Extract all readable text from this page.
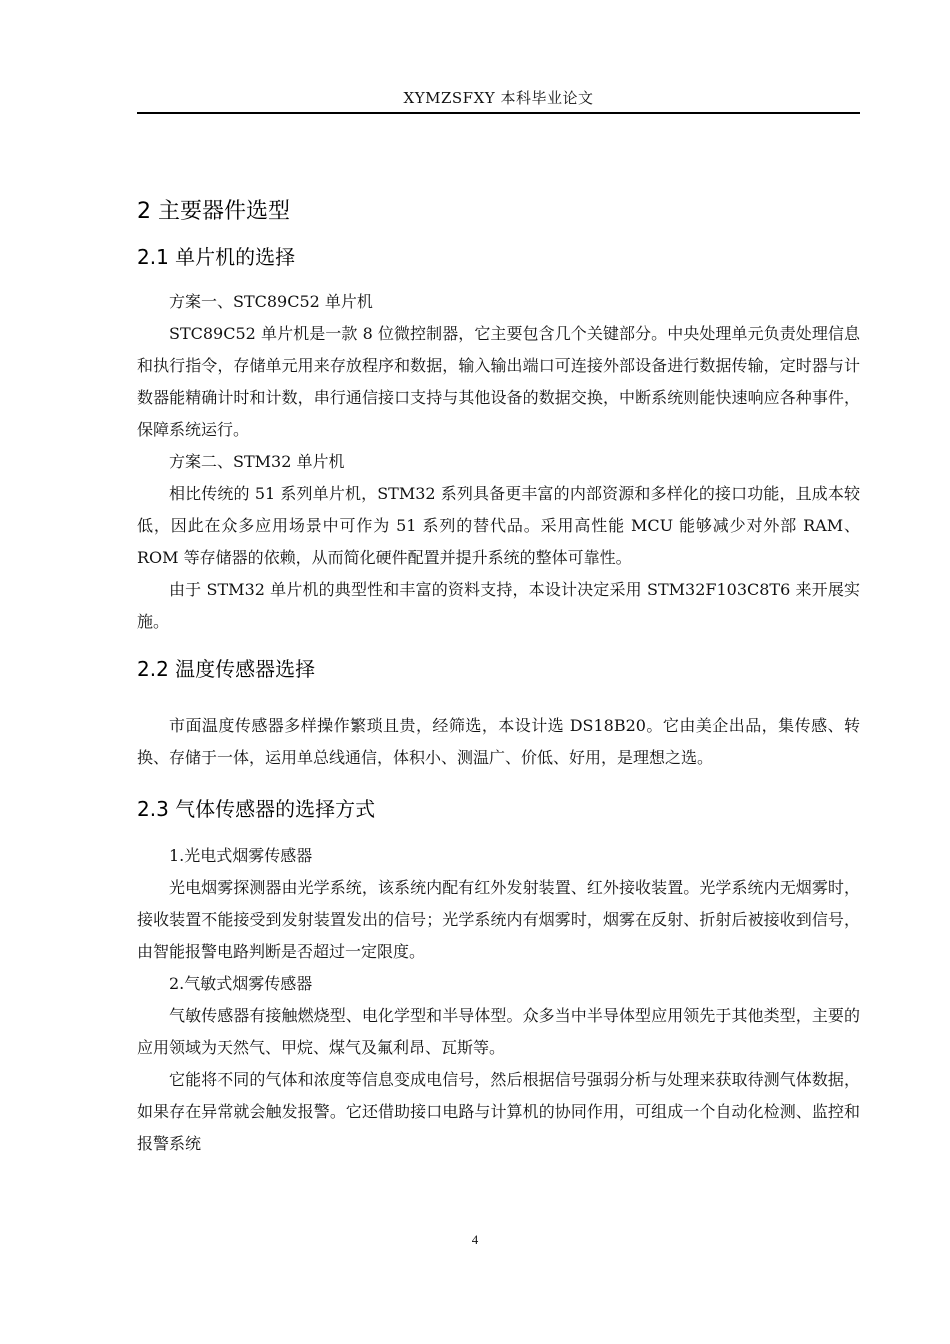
XYMZSFXY 本科毕业论文
2 主要器件选型
2.1 单片机的选择

方案一、STC89C52 单片机

STC89C52 单片机是一款 8 位微控制器，它主要包含几个关键部分。中央处理单元负责处理信息和执行指令，存储单元用来存放程序和数据，输入输出端口可连接外部设备进行数据传输，定时器与计数器能精确计时和计数，串行通信接口支持与其他设备的数据交换，中断系统则能快速响应各种事件，保障系统运行。

方案二、STM32 单片机

相比传统的 51 系列单片机，STM32 系列具备更丰富的内部资源和多样化的接口功能，且成本较低，因此在众多应用场景中可作为 51 系列的替代品。采用高性能 MCU 能够减少对外部 RAM、ROM 等存储器的依赖，从而简化硬件配置并提升系统的整体可靠性。

由于 STM32 单片机的典型性和丰富的资料支持，本设计决定采用 STM32F103C8T6 来开展实施。

2.2 温度传感器选择

市面温度传感器多样操作繁琐且贵，经筛选，本设计选 DS18B20。它由美企出品，集传感、转换、存储于一体，运用单总线通信，体积小、测温广、价低、好用，是理想之选。

2.3 气体传感器的选择方式

1.光电式烟雾传感器

光电烟雾探测器由光学系统，该系统内配有红外发射装置、红外接收装置。光学系统内无烟雾时，接收装置不能接受到发射装置发出的信号；光学系统内有烟雾时，烟雾在反射、折射后被接收到信号，由智能报警电路判断是否超过一定限度。

2.气敏式烟雾传感器

气敏传感器有接触燃烧型、电化学型和半导体型。众多当中半导体型应用领先于其他类型，主要的应用领域为天然气、甲烷、煤气及氟利昂、瓦斯等。

它能将不同的气体和浓度等信息变成电信号，然后根据信号强弱分析与处理来获取待测气体数据，如果存在异常就会触发报警。它还借助接口电路与计算机的协同作用，可组成一个自动化检测、监控和报警系统

4
